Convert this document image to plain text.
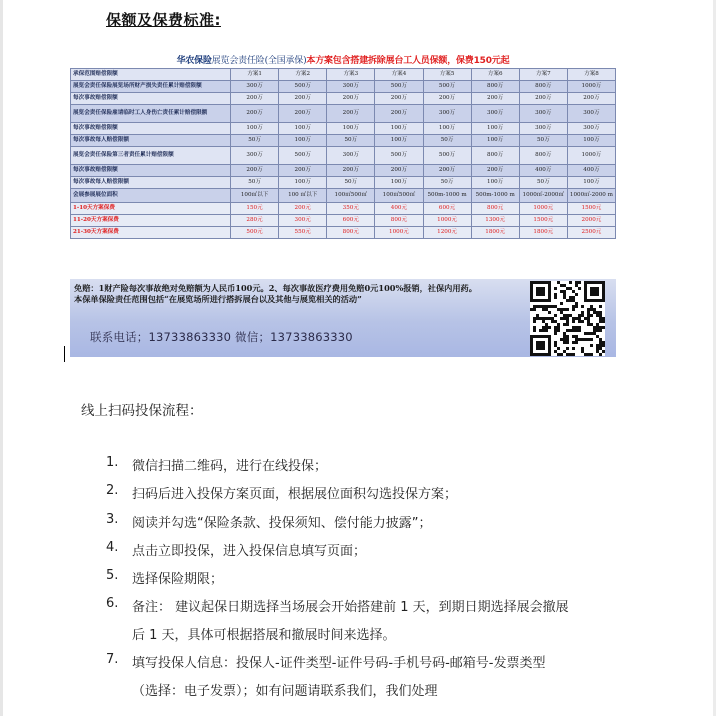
保额及保费标准:
华农保险展览会责任险(全国承保)本方案包含搭建拆除展台工人员保额，保费150元起
承保范围赔偿限额	方案1	方案2	方案3	方案4	方案5	方案6	方案7	方案8
展览会责任保险展览场所财产损失责任累计赔偿限额	300万	500万	300万	500万	500万	800万	800万	1000万
每次事故赔偿限额	200万	200万	200万	200万	200万	200万	200万	200万
展览会责任保险雇请临时工人身伤亡责任累计赔偿限额	200万	200万	200万	200万	300万	300万	300万	300万
每次事故赔偿限额	100万	100万	100万	100万	100万	100万	300万	300万
每次事故每人赔偿限额	50万	100万	50万	100万	50万	100万	50万	100万
展览会责任保险第三者责任累计赔偿限额	300万	500万	300万	500万	500万	800万	800万	1000万
每次事故赔偿限额	200万	200万	200万	200万	200万	200万	400万	400万
每次事故每人赔偿限额	50万	100万	50万	100万	50万	100万	50万	100万
会展参展展位面积	100㎡以下	100 ㎡以下	100㎡500㎡	100㎡500㎡	500m-1000 m	500m-1000 m	1000㎡-2000㎡	1000㎡-2000 m
1-10天方案保费	150元	200元	350元	400元	600元	800元	1000元	1500元
11-20天方案保费	280元	300元	600元	800元	1000元	1300元	1500元	2000元
21-30天方案保费	500元	550元	800元	1000元	1200元	1800元	1800元	2500元
免赔：1财产险每次事故绝对免赔额为人民币100元。2、每次事故医疗费用免赔0元100%报销，社保内用药。
本保单保险责任范围包括“在展览场所进行搭拆展台以及其他与展览相关的活动”
联系电话；13733863330 微信；13733863330
线上扫码投保流程：
1. 微信扫描二维码，进行在线投保；
2. 扫码后进入投保方案页面，根据展位面积勾选投保方案；
3. 阅读并勾选“保险条款、投保须知、偿付能力披露”；
4. 点击立即投保，进入投保信息填写页面；
5. 选择保险期限；
6. 备注： 建议起保日期选择当场展会开始搭建前 1 天，到期日期选择展会撤展
后 1 天，具体可根据搭展和撤展时间来选择。
7. 填写投保人信息：投保人-证件类型-证件号码-手机号码-邮箱号-发票类型
（选择：电子发票）；如有问题请联系我们，我们处理
